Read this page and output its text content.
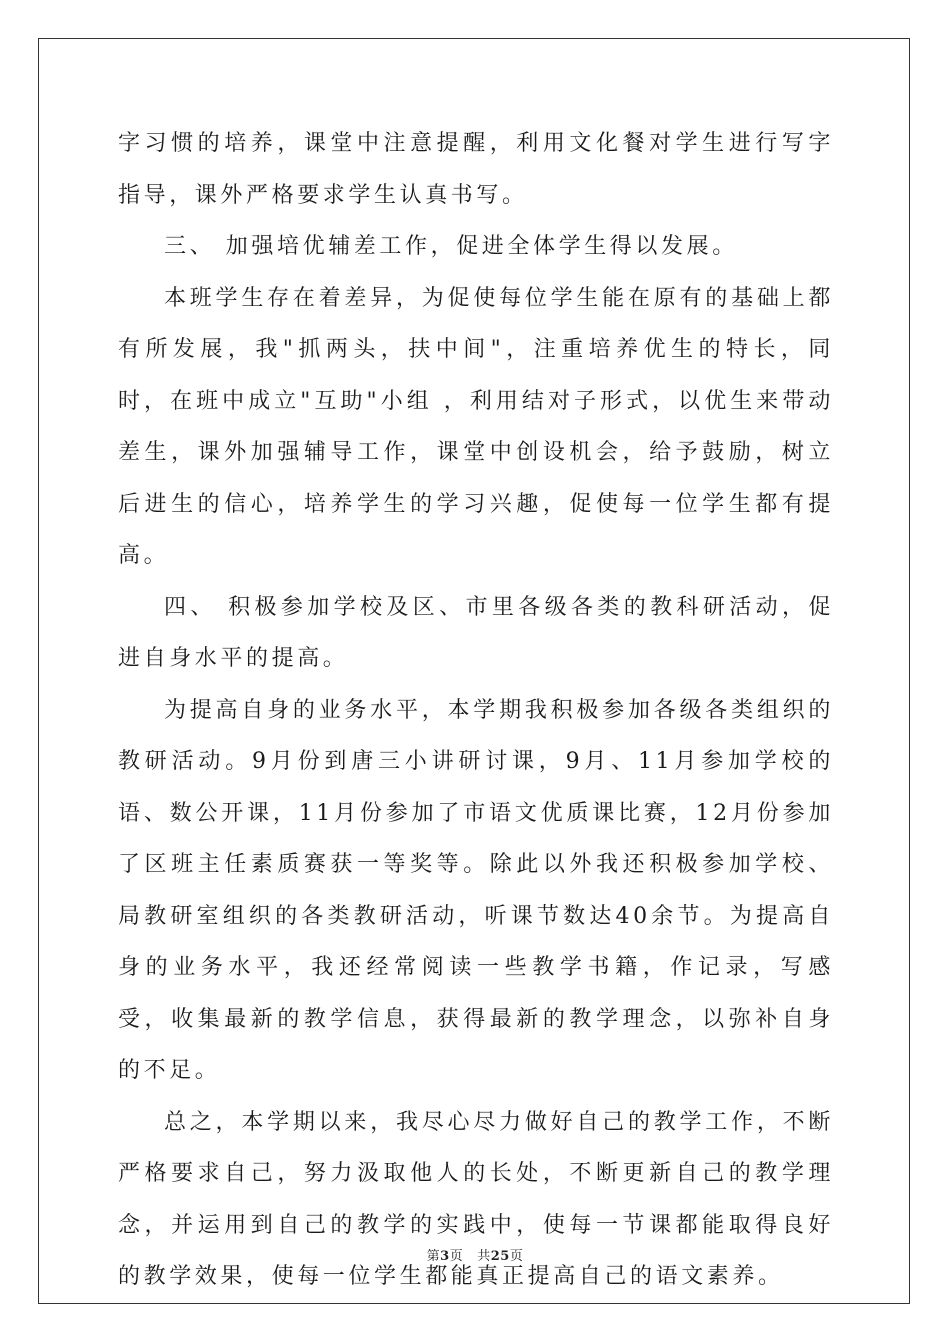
字习惯的培养，课堂中注意提醒，利用文化餐对学生进行写字指导，课外严格要求学生认真书写。

三、 加强培优辅差工作，促进全体学生得以发展。

本班学生存在着差异，为促使每位学生能在原有的基础上都有所发展，我"抓两头，扶中间"，注重培养优生的特长，同时，在班中成立"互助"小组 ，利用结对子形式，以优生来带动差生，课外加强辅导工作，课堂中创设机会，给予鼓励，树立后进生的信心，培养学生的学习兴趣，促使每一位学生都有提高。

四、 积极参加学校及区、市里各级各类的教科研活动，促进自身水平的提高。

为提高自身的业务水平，本学期我积极参加各级各类组织的教研活动。9月份到唐三小讲研讨课，9月、11月参加学校的语、数公开课，11月份参加了市语文优质课比赛，12月份参加了区班主任素质赛获一等奖等。除此以外我还积极参加学校、局教研室组织的各类教研活动，听课节数达40余节。为提高自身的业务水平，我还经常阅读一些教学书籍，作记录，写感受，收集最新的教学信息，获得最新的教学理念，以弥补自身的不足。

总之，本学期以来，我尽心尽力做好自己的教学工作，不断严格要求自己，努力汲取他人的长处，不断更新自己的教学理念，并运用到自己的教学的实践中，使每一节课都能取得良好的教学效果，使每一位学生都能真正提高自己的语文素养。

第3页 共25页
